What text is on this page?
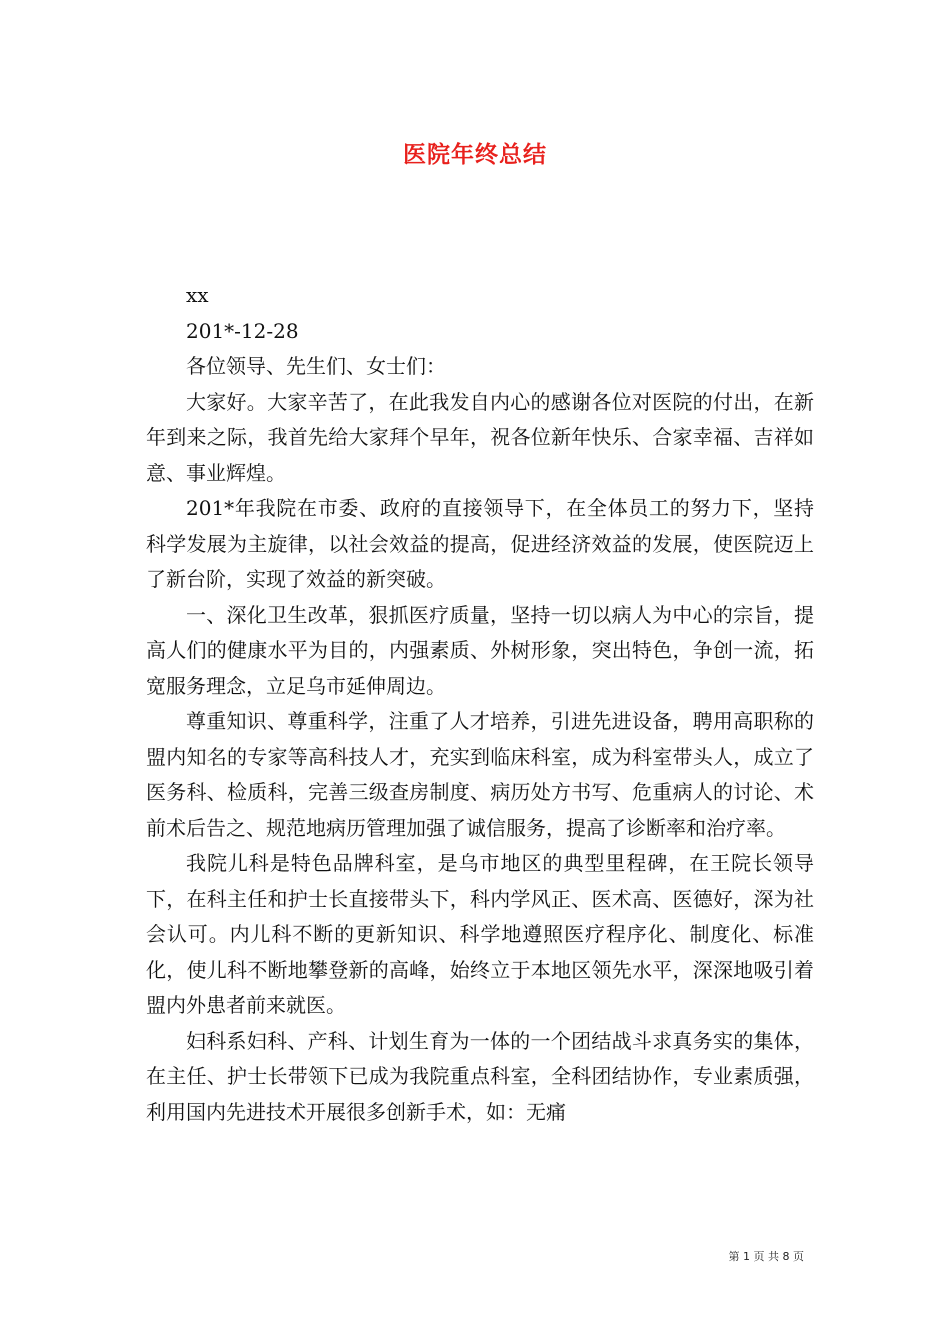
医院年终总结

xx

201*-12-28

各位领导、先生们、女士们：

大家好。大家辛苦了，在此我发自内心的感谢各位对医院的付出，在新年到来之际，我首先给大家拜个早年，祝各位新年快乐、合家幸福、吉祥如意、事业辉煌。

201*年我院在市委、政府的直接领导下，在全体员工的努力下，坚持科学发展为主旋律，以社会效益的提高，促进经济效益的发展，使医院迈上了新台阶，实现了效益的新突破。

一、深化卫生改革，狠抓医疗质量，坚持一切以病人为中心的宗旨，提高人们的健康水平为目的，内强素质、外树形象，突出特色，争创一流，拓宽服务理念，立足乌市延伸周边。

尊重知识、尊重科学，注重了人才培养，引进先进设备，聘用高职称的盟内知名的专家等高科技人才，充实到临床科室，成为科室带头人，成立了医务科、检质科，完善三级查房制度、病历处方书写、危重病人的讨论、术前术后告之、规范地病历管理加强了诚信服务，提高了诊断率和治疗率。

我院儿科是特色品牌科室，是乌市地区的典型里程碑，在王院长领导下，在科主任和护士长直接带头下，科内学风正、医术高、医德好，深为社会认可。内儿科不断的更新知识、科学地遵照医疗程序化、制度化、标准化，使儿科不断地攀登新的高峰，始终立于本地区领先水平，深深地吸引着盟内外患者前来就医。

妇科系妇科、产科、计划生育为一体的一个团结战斗求真务实的集体，在主任、护士长带领下已成为我院重点科室，全科团结协作，专业素质强，利用国内先进技术开展很多创新手术，如：无痛

第 1 页 共 8 页
